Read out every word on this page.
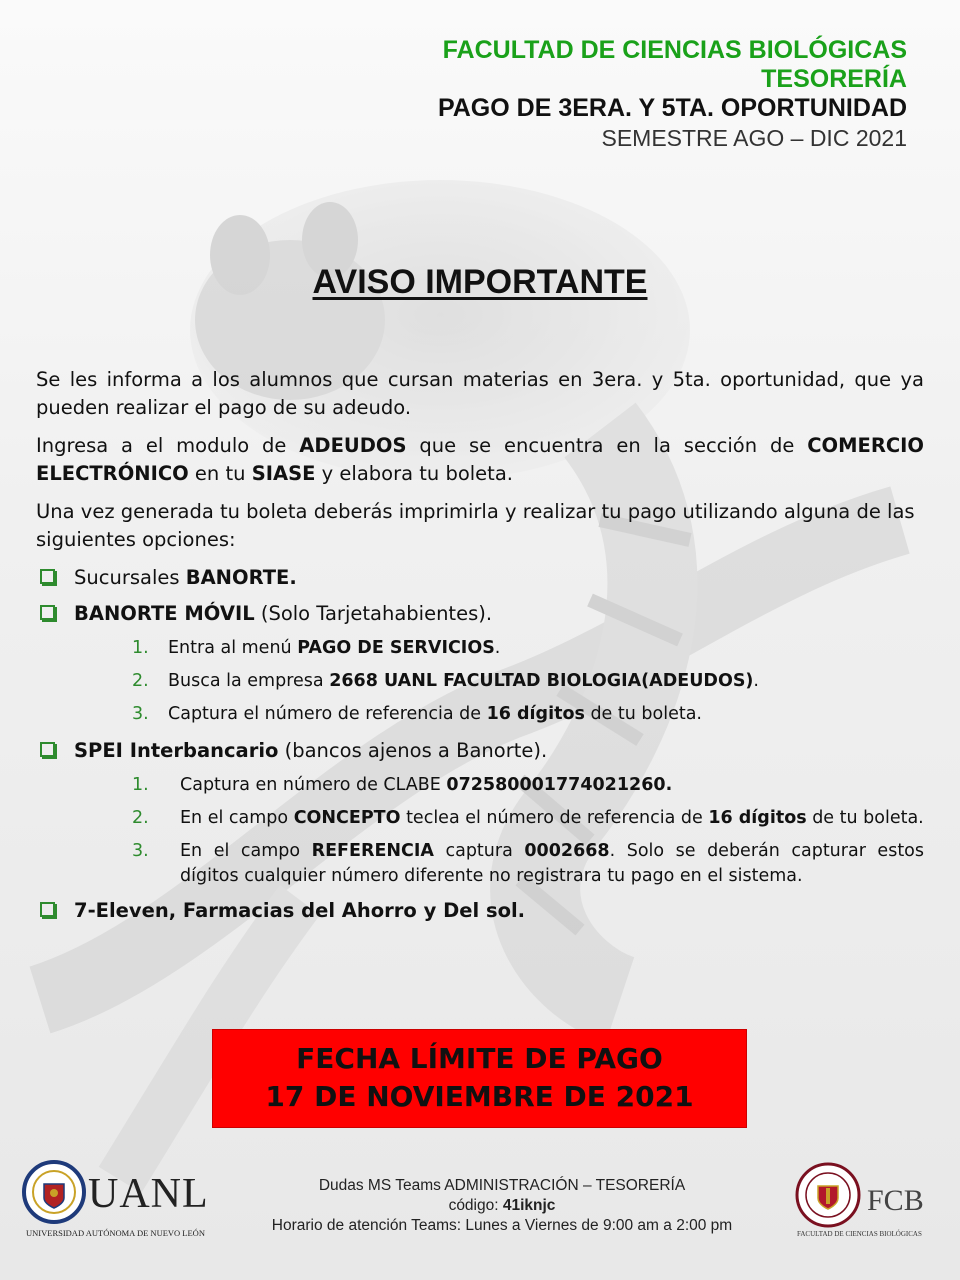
FACULTAD DE CIENCIAS BIOLÓGICAS
TESORERÍA
PAGO DE 3ERA. Y 5TA. OPORTUNIDAD
SEMESTRE AGO – DIC 2021
AVISO IMPORTANTE

Se les informa a los alumnos que cursan materias en 3era. y 5ta. oportunidad, que ya pueden realizar el pago de su adeudo.

Ingresa a el modulo de ADEUDOS que se encuentra en la sección de COMERCIO ELECTRÓNICO en tu SIASE y elabora tu boleta.

Una vez generada tu boleta deberás imprimirla y realizar tu pago utilizando alguna de las siguientes opciones:

Sucursales BANORTE.

BANORTE MÓVIL (Solo Tarjetahabientes).

1. Entra al menú PAGO DE SERVICIOS.
2. Busca la empresa 2668 UANL FACULTAD BIOLOGIA(ADEUDOS).
3. Captura el número de referencia de 16 dígitos de tu boleta.

SPEI Interbancario (bancos ajenos a Banorte).

1. Captura en número de CLABE 072580001774021260.
2. En el campo CONCEPTO teclea el número de referencia de 16 dígitos de tu boleta.
3. En el campo REFERENCIA captura 0002668. Solo se deberán capturar estos dígitos cualquier número diferente no registrara tu pago en el sistema.

7-Eleven, Farmacias del Ahorro y Del sol.

FECHA LÍMITE DE PAGO
17 DE NOVIEMBRE DE 2021
UANL
UNIVERSIDAD AUTÓNOMA DE NUEVO LEÓN
Dudas MS Teams ADMINISTRACIÓN – TESORERÍA
código: 41iknjc
Horario de atención Teams: Lunes a Viernes de 9:00 am a 2:00 pm
FCB
FACULTAD DE CIENCIAS BIOLÓGICAS
